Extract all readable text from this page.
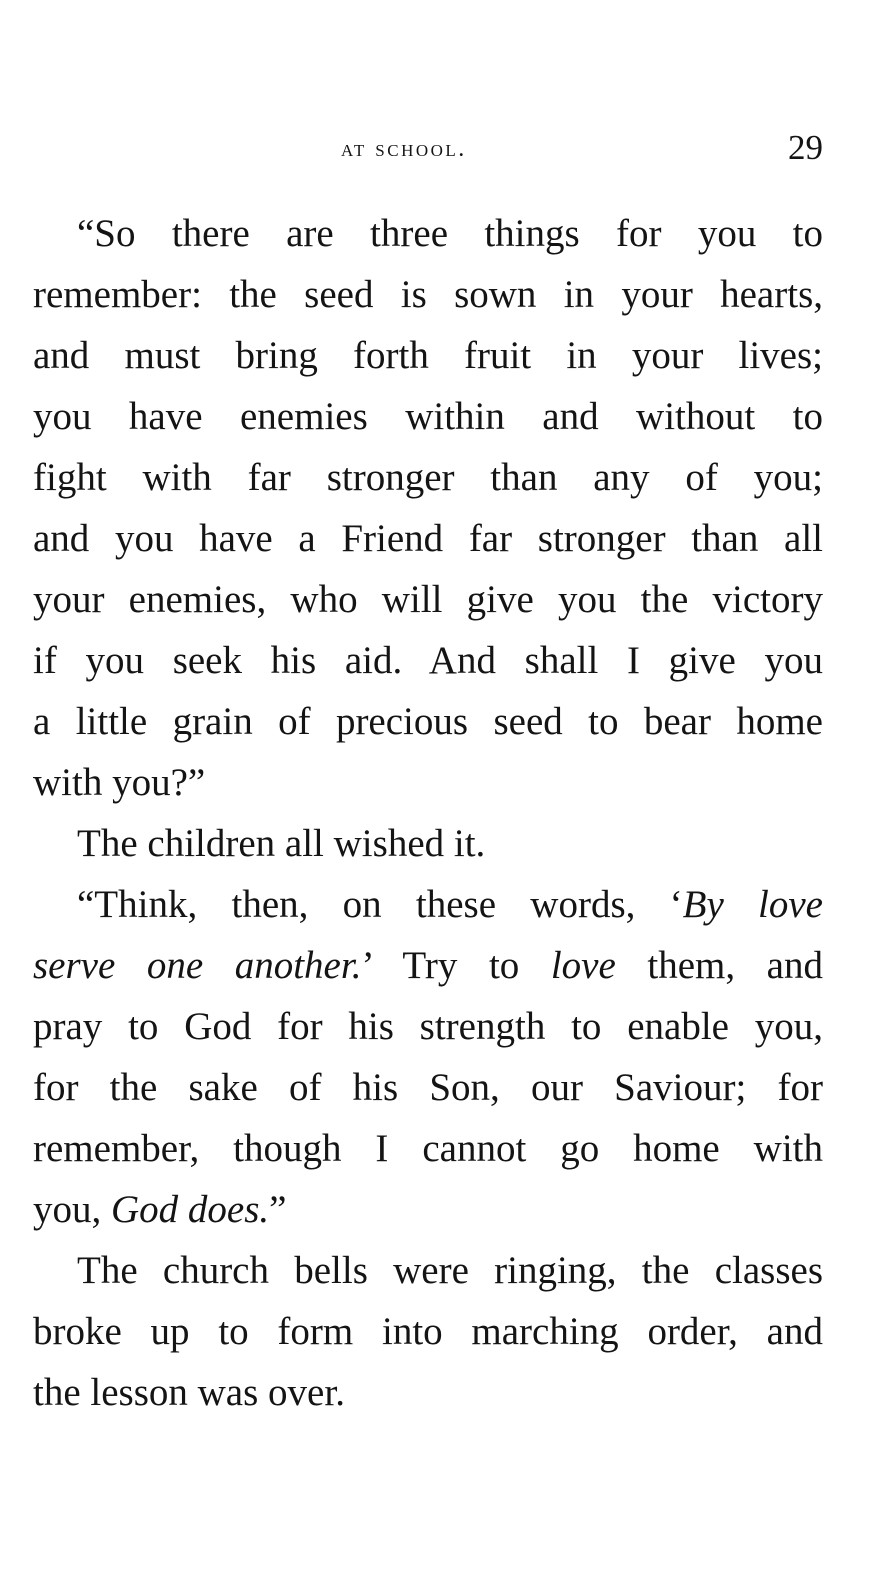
at school.	29
“So there are three things for you to
remember: the seed is sown in your hearts,
and must bring forth fruit in your lives;
you have enemies within and without to
fight with far stronger than any of you;
and you have a Friend far stronger than all
your enemies, who will give you the victory
if you seek his aid. And shall I give you
a little grain of precious seed to bear home
with you?”
The children all wished it.
“Think, then, on these words, ‘By love
serve one another.’ Try to love them, and
pray to God for his strength to enable you,
for the sake of his Son, our Saviour; for
remember, though I cannot go home with
you, God does.”
The church bells were ringing, the classes
broke up to form into marching order, and
the lesson was over.
